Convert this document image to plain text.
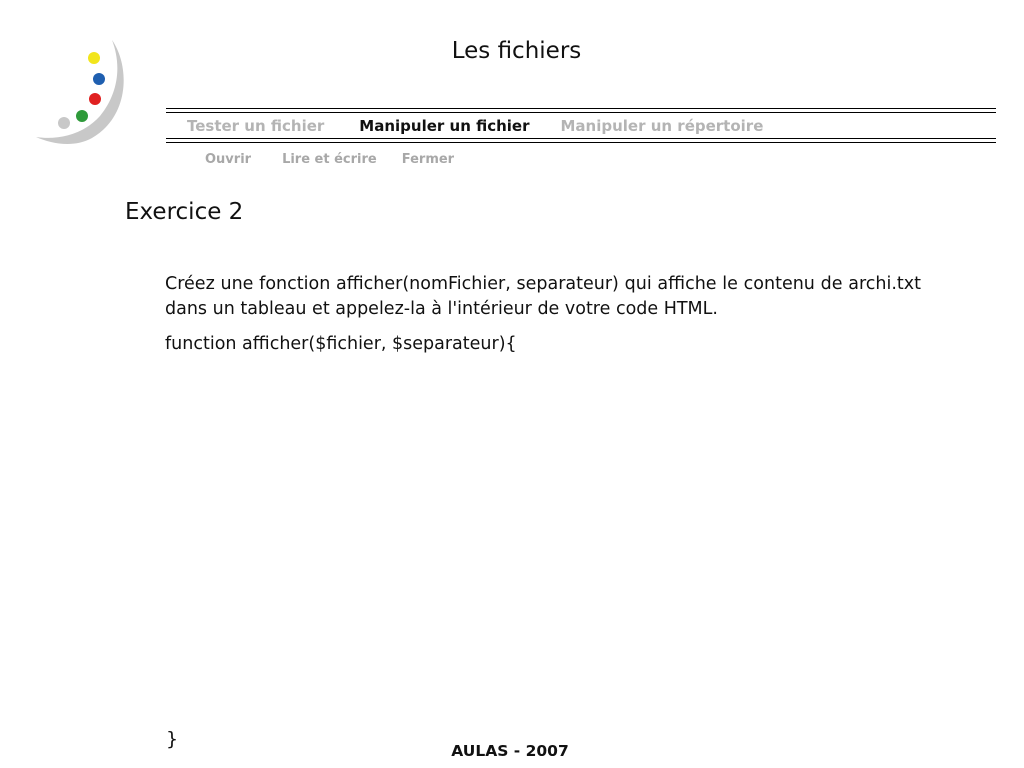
Les fichiers
Tester un fichier Manipuler un fichier Manipuler un répertoire
Ouvrir Lire et écrire Fermer
Exercice 2
Créez une fonction afficher(nomFichier, separateur) qui affiche le contenu de archi.txt dans un tableau et appelez-la à l'intérieur de votre code HTML.
function afficher($fichier, $separateur){
}
AULAS - 2007
